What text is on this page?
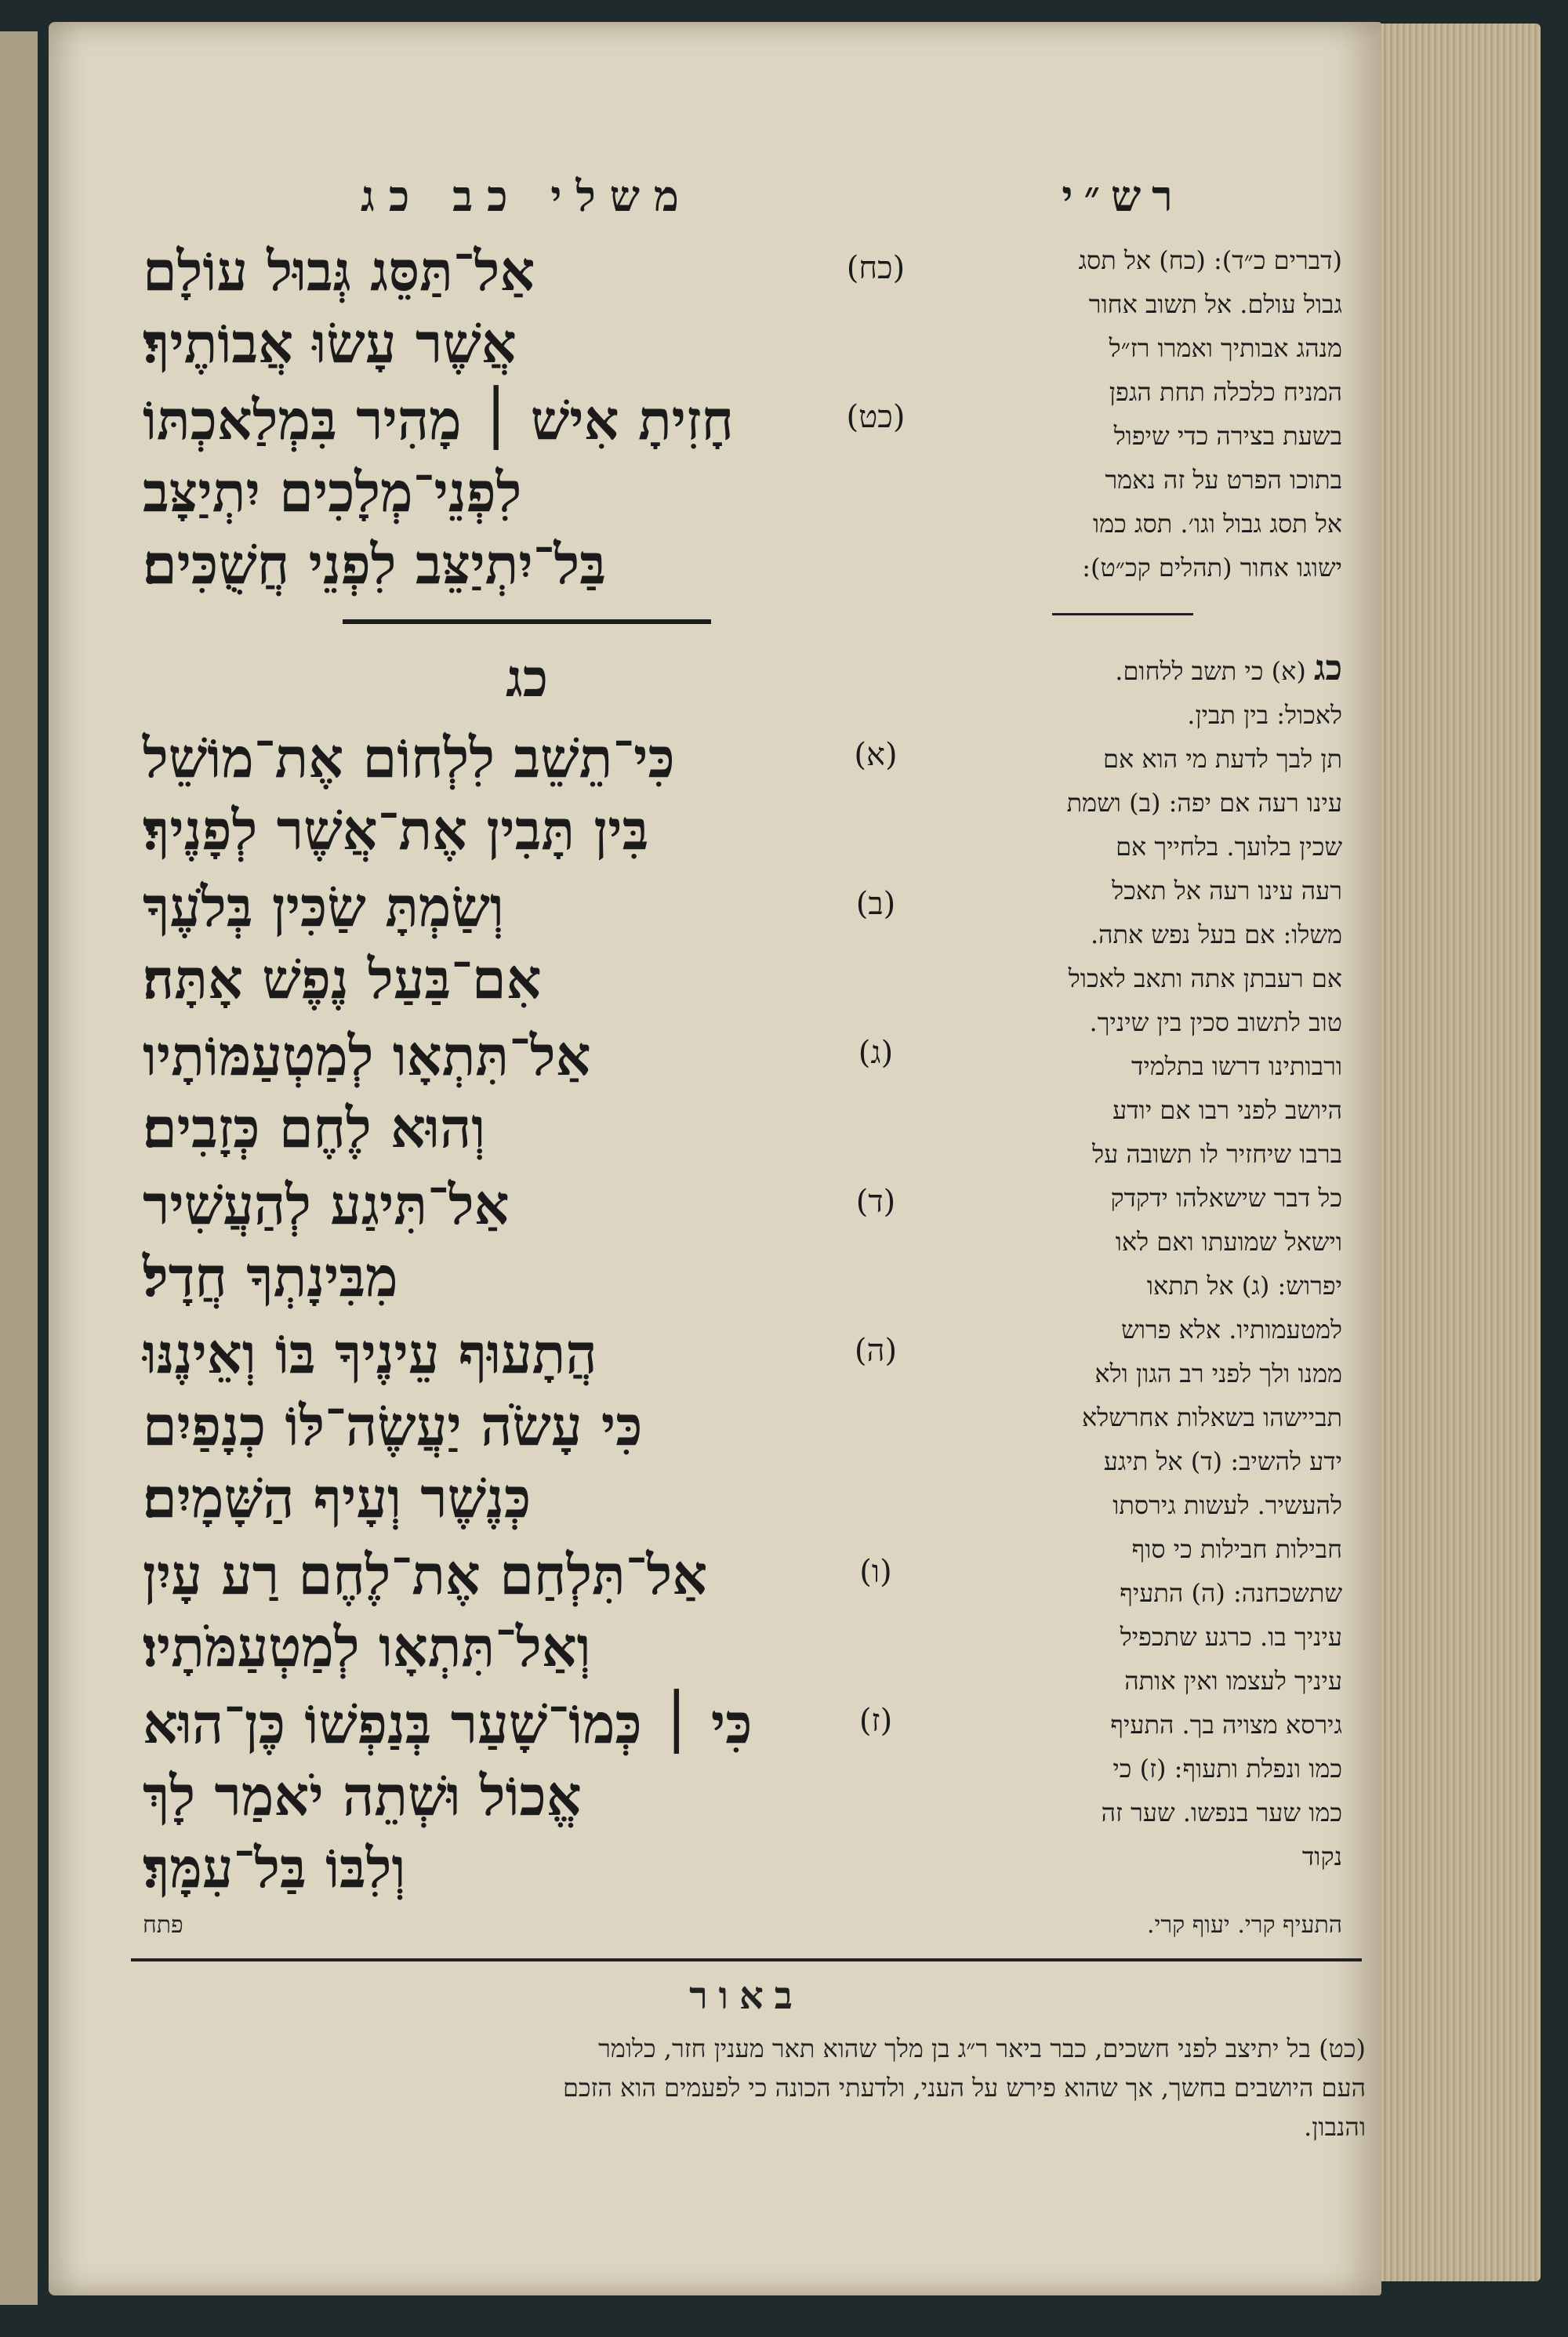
משלי כב כג
(כח)
אַל־תַּסֵּג גְּבוּל עוֹלָם
אֲשֶׁר עָשׂוּ אֲבוֹתֶיךָ׃
(כט)
חָזִיתָ אִישׁ ׀ מָהִיר בִּמְלַאכְתּוֹ
לִפְנֵי־מְלָכִים יִתְיַצָּב
בַּל־יִתְיַצֵּב לִפְנֵי חֲשֻׁכִּים׃
כג
(א)
כִּי־תֵשֵׁב לִלְחוֹם אֶת־מוֹשֵׁל
בִּין תָּבִין אֶת־אֲשֶׁר לְפָנֶיךָ׃
(ב)
וְשַׂמְתָּ שַׂכִּין בְּלֹעֶךָ
אִם־בַּעַל נֶפֶשׁ אָתָּה׃
(ג)
אַל־תִּתְאָו לְמַטְעַמּוֹתָיו
וְהוּא לֶחֶם כְּזָבִים׃
(ד)
אַל־תִּיגַע לְהַעֲשִׁיר
מִבִּינָתְךָ חֲדָל׃
(ה)
הֲתָעוּף עֵינֶיךָ בּוֹ וְאֵינֶנּוּ
כִּי עָשֹׂה יַעֲשֶׂה־לּוֹ כְנָפַיִם
כְּנֶשֶׁר וְעָיף הַשָּׁמָיִם׃
(ו)
אַל־תִּלְחַם אֶת־לֶחֶם רַע עָיִן
וְאַל־תִּתְאָו לְמַטְעַמֹּתָיו׃
(ז)
כִּי ׀ כְּמוֹ־שָׁעַר בְּנַפְשׁוֹ כֶּן־הוּא
אֱכוֹל וּשְׁתֵה יֹאמַר לָךְ
וְלִבּוֹ בַּל־עִמָּךְ׃
רש״י
(דברים כ״ד): (כח) אל תסג
גבול עולם. אל תשוב אחור
מנהג אבותיך ואמרו רז״ל
המניח כלכלה תחת הגפן
בשעת בצירה כדי שיפול
בתוכו הפרט על זה נאמר
אל תסג גבול וגו׳. תסג כמו
ישוגו אחור (תהלים קכ״ט):
כג (א) כי תשב ללחום.
לאכול: בין תבין.
תן לבך לדעת מי הוא אם
עינו רעה אם יפה: (ב) ושמת
שכין בלועך. בלחייך אם
רעה עינו רעה אל תאכל
משלו: אם בעל נפש אתה.
אם רעבתן אתה ותאב לאכול
טוב לתשוב סכין בין שיניך.
ורבותינו דרשו בתלמיד
היושב לפני רבו אם יודע
ברבו שיחזיר לו תשובה על
כל דבר שישאלהו ידקדק
וישאל שמועתו ואם לאו
יפרוש: (ג) אל תתאו
למטעמותיו. אלא פרוש
ממנו ולך לפני רב הגון ולא
תביישהו בשאלות אחרשלא
ידע להשיב: (ד) אל תיגע
להעשיר. לעשות גירסתו
חבילות חבילות כי סוף
שתשכחנה: (ה) התעיף
עיניך בו. כרגע שתכפיל
עיניך לעצמו ואין אותה
גירסא מצויה בך. התעיף
כמו ונפלת ותעוף: (ז) כי
כמו שער בנפשו. שער זה
נקוד
התעיף קרי. יעוף קרי.
פתח
באור
(כט) בל יתיצב לפני חשכים, כבר ביאר ר״ג בן מלך שהוא תאר מענין חזר, כלומר
העם היושבים בחשך, אך שהוא פירש על העני, ולדעתי הכונה כי לפעמים הוא הזכם
והנבון.
